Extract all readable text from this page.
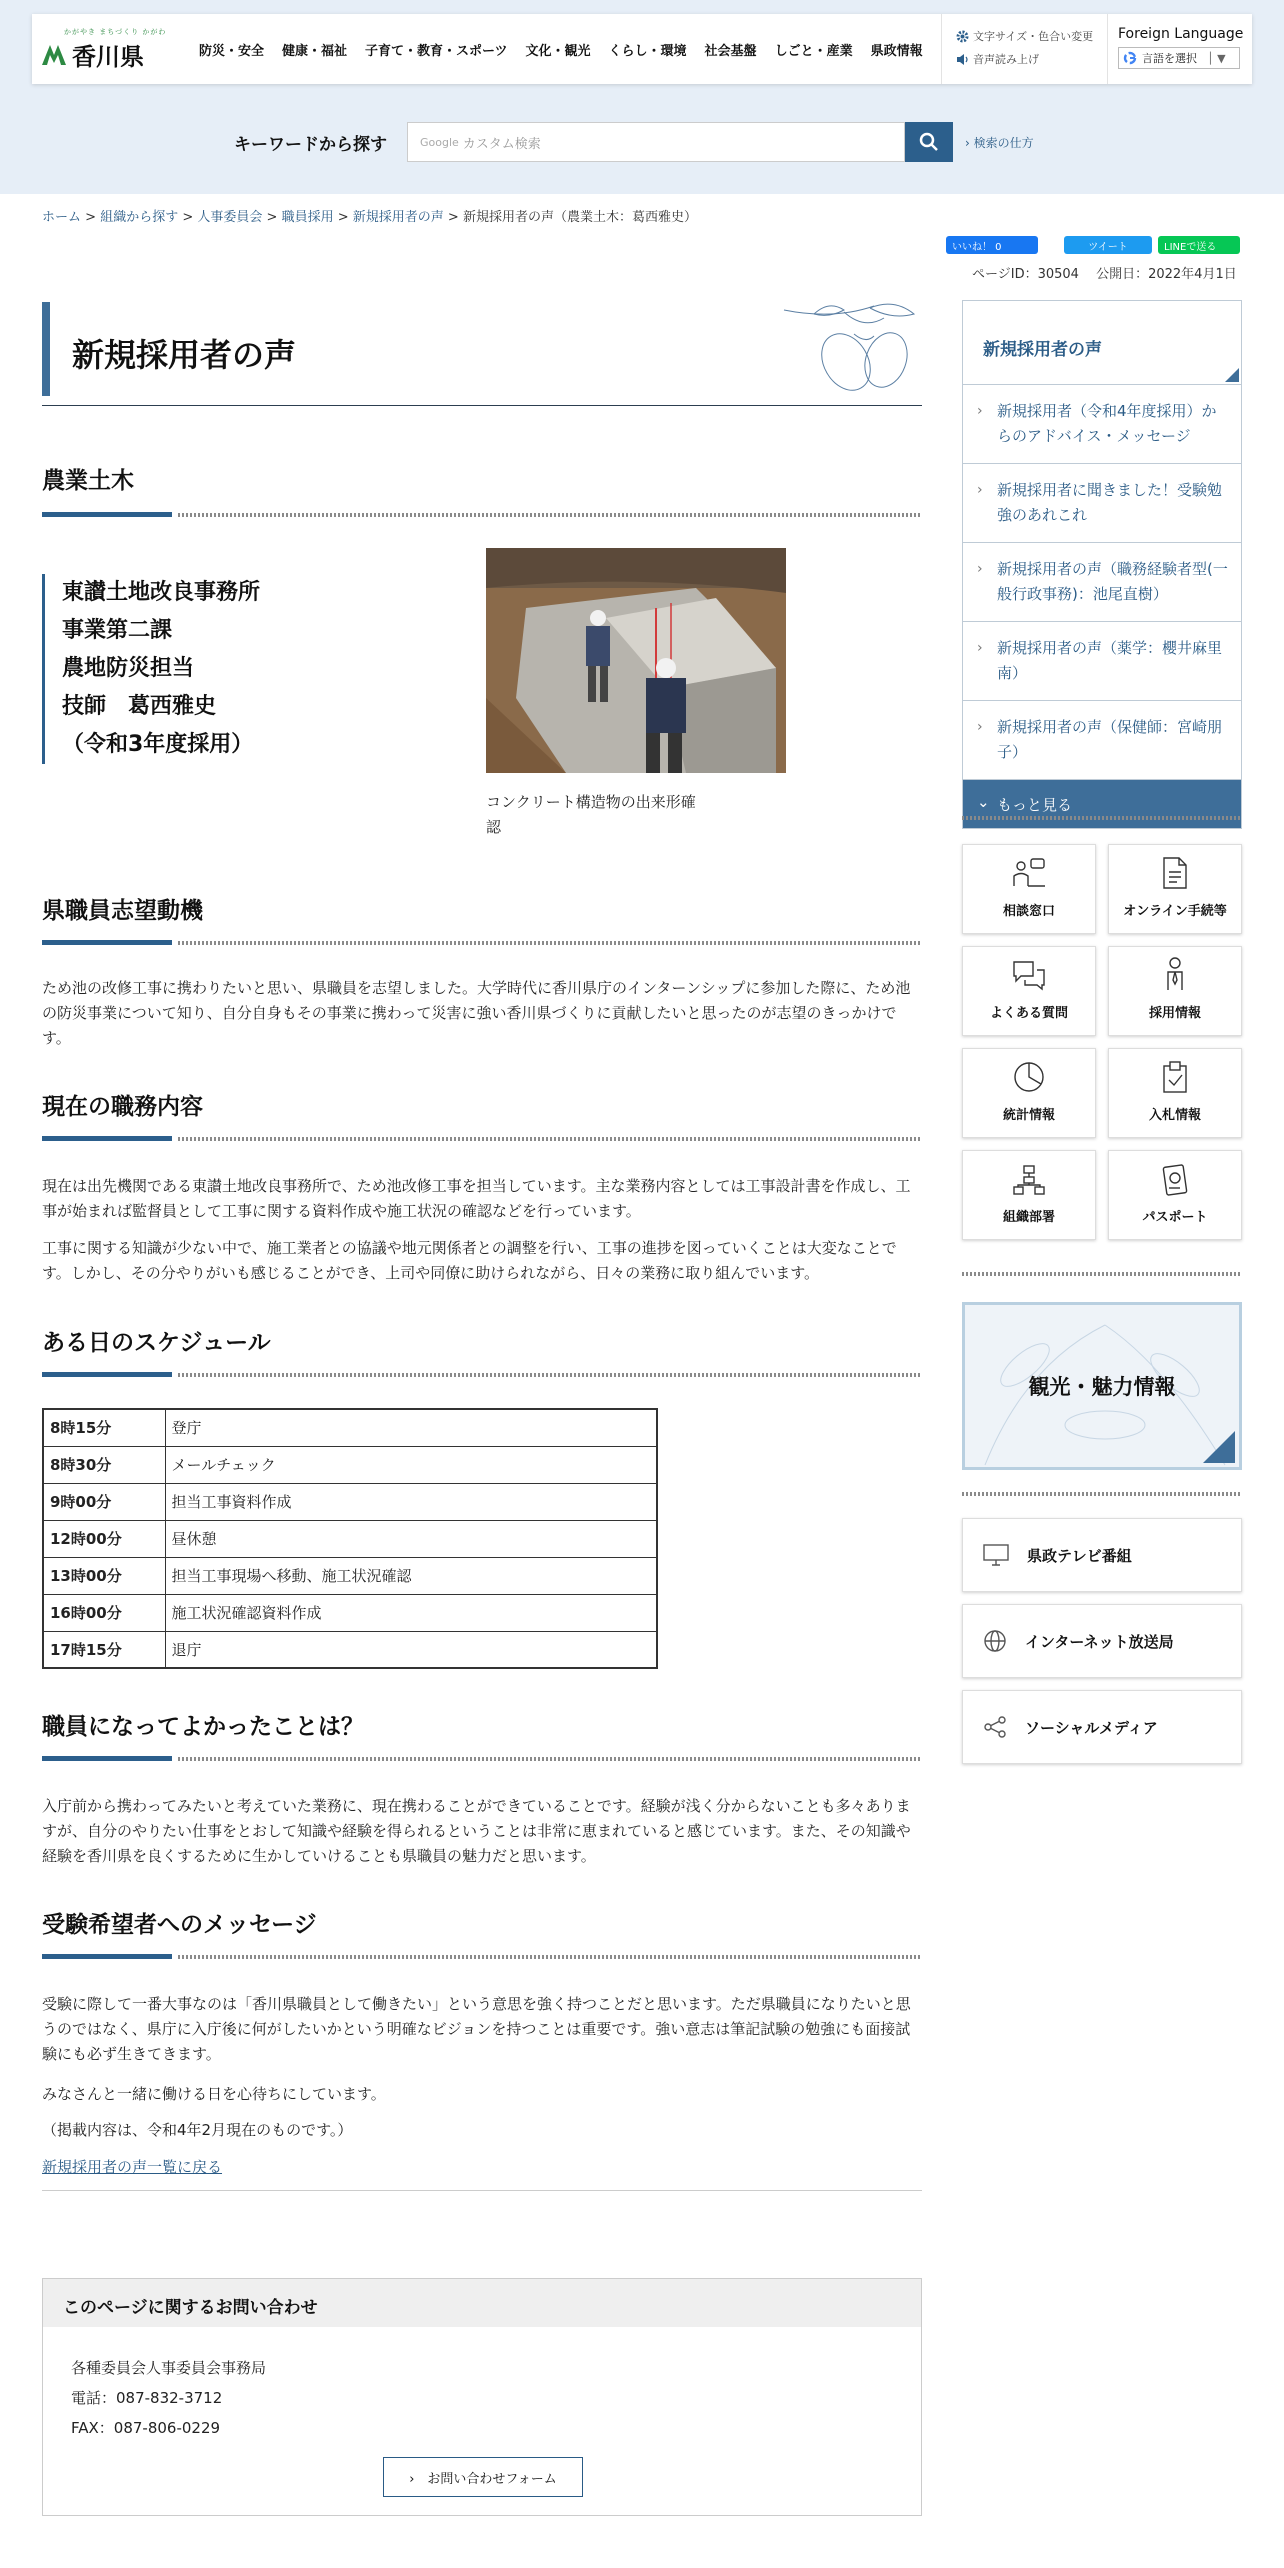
かがやき まちづくり かがわ
香川県	防災・安全	健康・福祉	子育て・教育・スポーツ	文化・観光	くらし・環境	社会基盤	しごと・産業	県政情報
文字サイズ・色合い変更
音声読み上げ
Foreign Language
言語を選択 │ ▼
キーワードから探す	Google カスタム検索	› 検索の仕方
ホーム > 組織から探す > 人事委員会 > 職員採用 > 新規採用者の声 > 新規採用者の声（農業土木：葛西雅史）
いいね！ 0	ツイート	LINEで送る
ページID：30504　 公開日：2022年4月1日
新規採用者の声
農業土木
東讃土地改良事務所
事業第二課
農地防災担当
技師　葛西雅史
（令和3年度採用）
コンクリート構造物の出来形確認
県職員志望動機

ため池の改修工事に携わりたいと思い、県職員を志望しました。大学時代に香川県庁のインターンシップに参加した際に、ため池の防災事業について知り、自分自身もその事業に携わって災害に強い香川県づくりに貢献したいと思ったのが志望のきっかけです。

現在の職務内容

現在は出先機関である東讃土地改良事務所で、ため池改修工事を担当しています。主な業務内容としては工事設計書を作成し、工事が始まれば監督員として工事に関する資料作成や施工状況の確認などを行っています。

工事に関する知識が少ない中で、施工業者との協議や地元関係者との調整を行い、工事の進捗を図っていくことは大変なことです。しかし、その分やりがいも感じることができ、上司や同僚に助けられながら、日々の業務に取り組んでいます。

ある日のスケジュール
8時15分	登庁
8時30分	メールチェック
9時00分	担当工事資料作成
12時00分	昼休憩
13時00分	担当工事現場へ移動、施工状況確認
16時00分	施工状況確認資料作成
17時15分	退庁
職員になってよかったことは？

入庁前から携わってみたいと考えていた業務に、現在携わることができていることです。経験が浅く分からないことも多々ありますが、自分のやりたい仕事をとおして知識や経験を得られるということは非常に恵まれていると感じています。また、その知識や経験を香川県を良くするために生かしていけることも県職員の魅力だと思います。

受験希望者へのメッセージ

受験に際して一番大事なのは「香川県職員として働きたい」という意思を強く持つことだと思います。ただ県職員になりたいと思うのではなく、県庁に入庁後に何がしたいかという明確なビジョンを持つことは重要です。強い意志は筆記試験の勉強にも面接試験にも必ず生きてきます。

みなさんと一緒に働ける日を心待ちにしています。

（掲載内容は、令和4年2月現在のものです。）

新規採用者の声一覧に戻る
このページに関するお問い合わせ
各種委員会人事委員会事務局
電話：087-832-3712
FAX：087-806-0229
›　 お問い合わせフォーム
新規採用者の声
› 新規採用者（令和4年度採用）からのアドバイス・メッセージ
› 新規採用者に聞きました！受験勉強のあれこれ
› 新規採用者の声（職務経験者型(一般行政事務)：池尾直樹）
› 新規採用者の声（薬学：櫻井麻里南）
› 新規採用者の声（保健師：宮崎朋子）
⌄ もっと見る
相談窓口	オンライン手続等
よくある質問	採用情報
統計情報	入札情報
組織部署	パスポート
観光・魅力情報
県政テレビ番組
インターネット放送局
ソーシャルメディア
